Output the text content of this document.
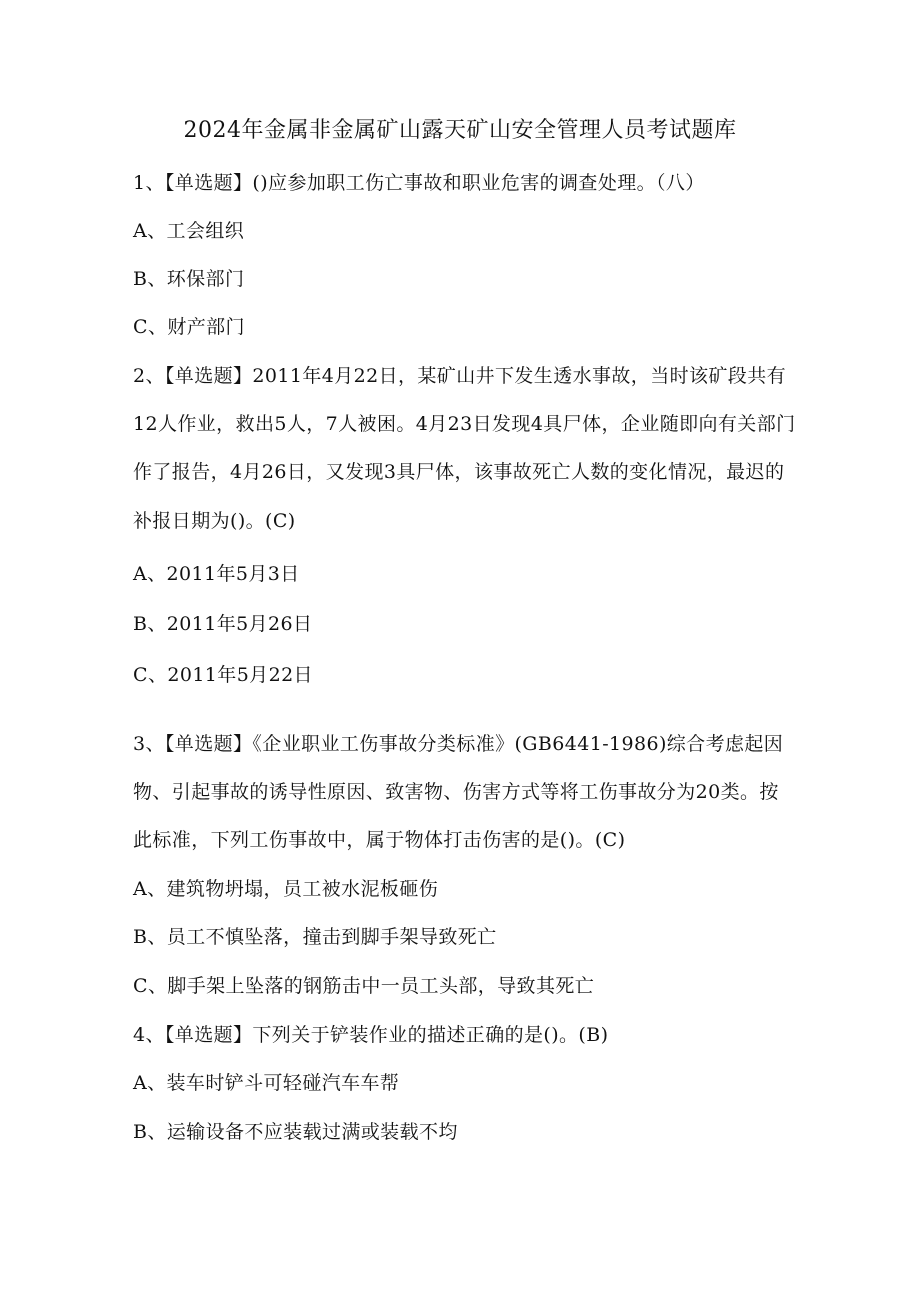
2024年金属非金属矿山露天矿山安全管理人员考试题库
1、【单选题】()应参加职工伤亡事故和职业危害的调查处理。（八）
A、工会组织
B、环保部门
C、财产部门
2、【单选题】2011年4月22日，某矿山井下发生透水事故，当时该矿段共有
12人作业，救出5人，7人被困。4月23日发现4具尸体，企业随即向有关部门
作了报告，4月26日，又发现3具尸体，该事故死亡人数的变化情况，最迟的
补报日期为()。(C)
A、2011年5月3日
B、2011年5月26日
C、2011年5月22日
3、【单选题】《企业职业工伤事故分类标准》(GB6441-1986)综合考虑起因
物、引起事故的诱导性原因、致害物、伤害方式等将工伤事故分为20类。按
此标准，下列工伤事故中，属于物体打击伤害的是()。(C)
A、建筑物坍塌，员工被水泥板砸伤
B、员工不慎坠落，撞击到脚手架导致死亡
C、脚手架上坠落的钢筋击中一员工头部，导致其死亡
4、【单选题】下列关于铲装作业的描述正确的是()。(B)
A、装车时铲斗可轻碰汽车车帮
B、运输设备不应装载过满或装载不均
